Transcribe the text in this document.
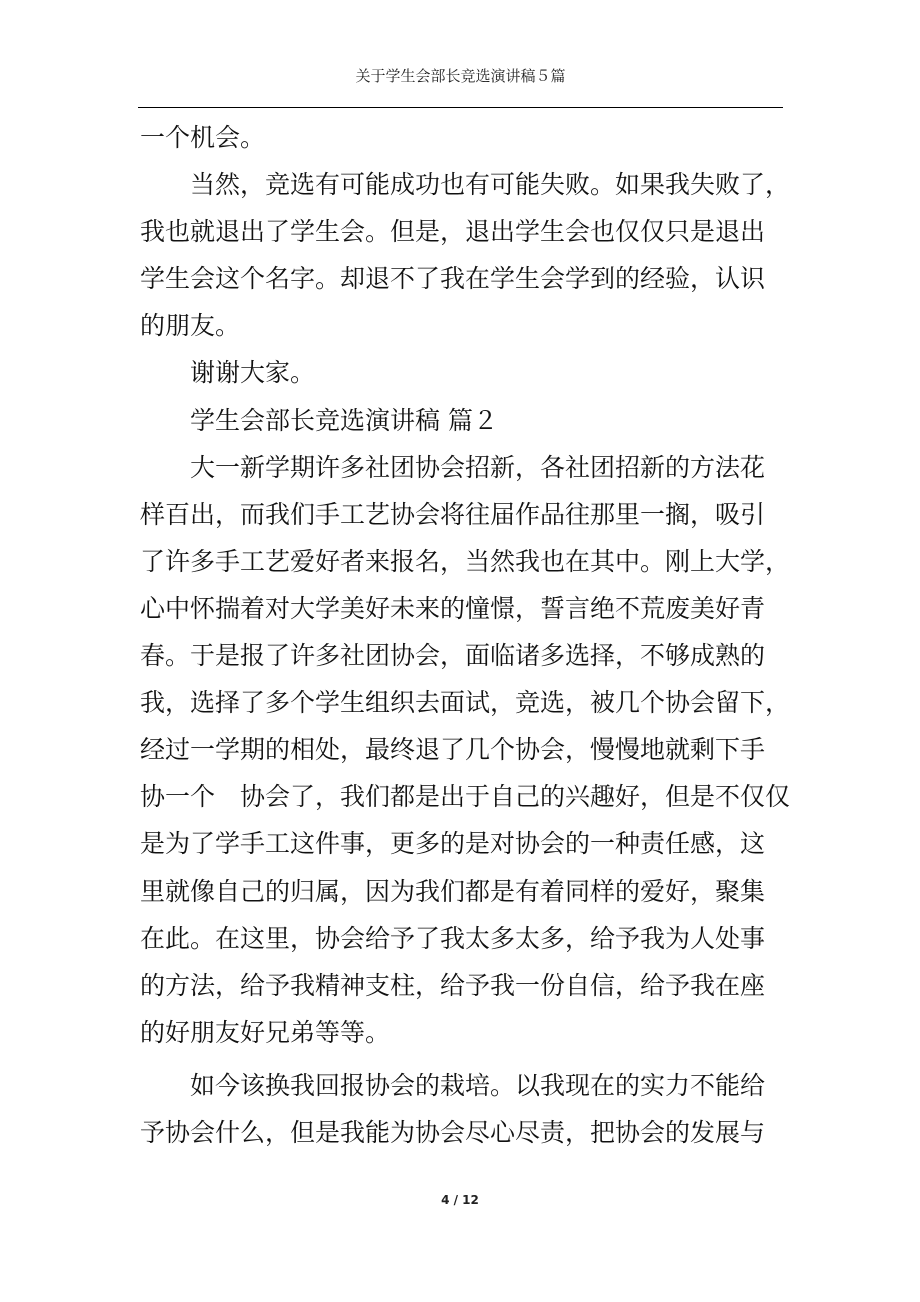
关于学生会部长竞选演讲稿５篇
一个机会。
当然，竞选有可能成功也有可能失败。如果我失败了，
我也就退出了学生会。但是，退出学生会也仅仅只是退出
学生会这个名字。却退不了我在学生会学到的经验，认识
的朋友。
谢谢大家。
学生会部长竞选演讲稿 篇２
大一新学期许多社团协会招新，各社团招新的方法花
样百出，而我们手工艺协会将往届作品往那里一搁，吸引
了许多手工艺爱好者来报名，当然我也在其中。刚上大学，
心中怀揣着对大学美好未来的憧憬，誓言绝不荒废美好青
春。于是报了许多社团协会，面临诸多选择，不够成熟的
我，选择了多个学生组织去面试，竞选，被几个协会留下，
经过一学期的相处，最终退了几个协会，慢慢地就剩下手
协一个　协会了，我们都是出于自己的兴趣好，但是不仅仅
是为了学手工这件事，更多的是对协会的一种责任感，这
里就像自己的归属，因为我们都是有着同样的爱好，聚集
在此。在这里，协会给予了我太多太多，给予我为人处事
的方法，给予我精神支柱，给予我一份自信，给予我在座
的好朋友好兄弟等等。
如今该换我回报协会的栽培。以我现在的实力不能给
予协会什么，但是我能为协会尽心尽责，把协会的发展与
4 / 12
